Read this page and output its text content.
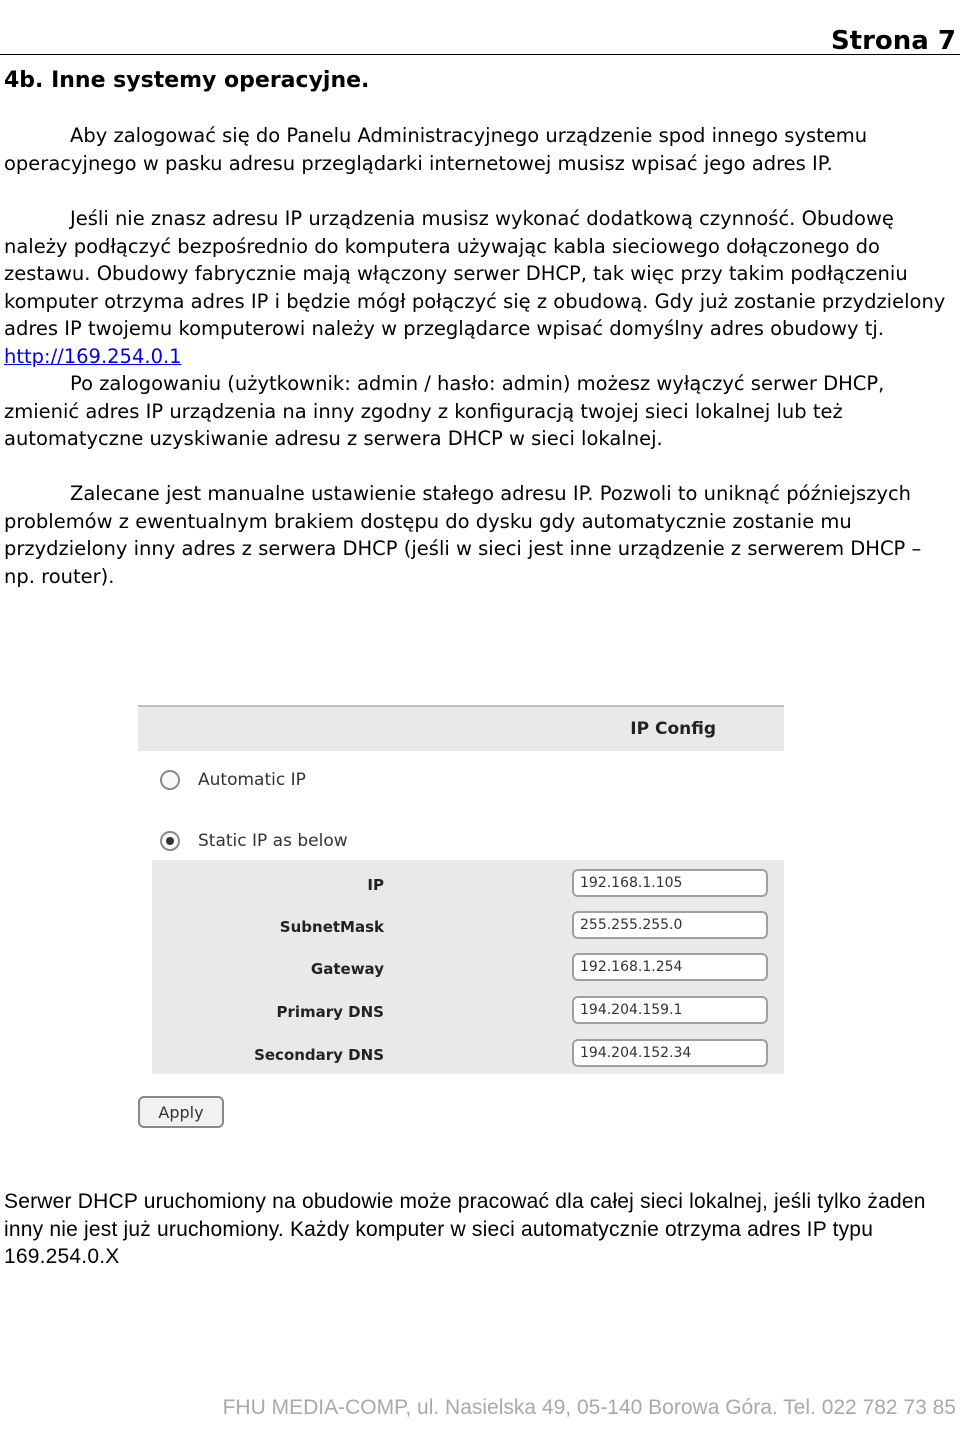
Strona 7
4b. Inne systemy operacyjne.

Aby zalogować się do Panelu Administracyjnego urządzenie spod innego systemu operacyjnego w pasku adresu przeglądarki internetowej musisz wpisać jego adres IP.

Jeśli nie znasz adresu IP urządzenia musisz wykonać dodatkową czynność. Obudowę należy podłączyć bezpośrednio do komputera używając kabla sieciowego dołączonego do zestawu. Obudowy fabrycznie mają włączony serwer DHCP, tak więc przy takim podłączeniu komputer otrzyma adres IP i będzie mógł połączyć się z obudową. Gdy już zostanie przydzielony adres IP twojemu komputerowi należy w przeglądarce wpisać domyślny adres obudowy tj. http://169.254.0.1

Po zalogowaniu (użytkownik: admin / hasło: admin) możesz wyłączyć serwer DHCP, zmienić adres IP urządzenia na inny zgodny z konfiguracją twojej sieci lokalnej lub też automatyczne uzyskiwanie adresu z serwera DHCP w sieci lokalnej.

Zalecane jest manualne ustawienie stałego adresu IP. Pozwoli to uniknąć późniejszych problemów z ewentualnym brakiem dostępu do dysku gdy automatycznie zostanie mu przydzielony inny adres z serwera DHCP (jeśli w sieci jest inne urządzenie z serwerem DHCP – np. router).

IP Config
Automatic IP
Static IP as below
IP
192.168.1.105
SubnetMask
255.255.255.0
Gateway
192.168.1.254
Primary DNS
194.204.159.1
Secondary DNS
194.204.152.34
Apply

Serwer DHCP uruchomiony na obudowie może pracować dla całej sieci lokalnej, jeśli tylko żaden inny nie jest już uruchomiony. Każdy komputer w sieci automatycznie otrzyma adres IP typu 169.254.0.X

FHU MEDIA-COMP, ul. Nasielska 49, 05-140 Borowa Góra. Tel. 022 782 73 85
